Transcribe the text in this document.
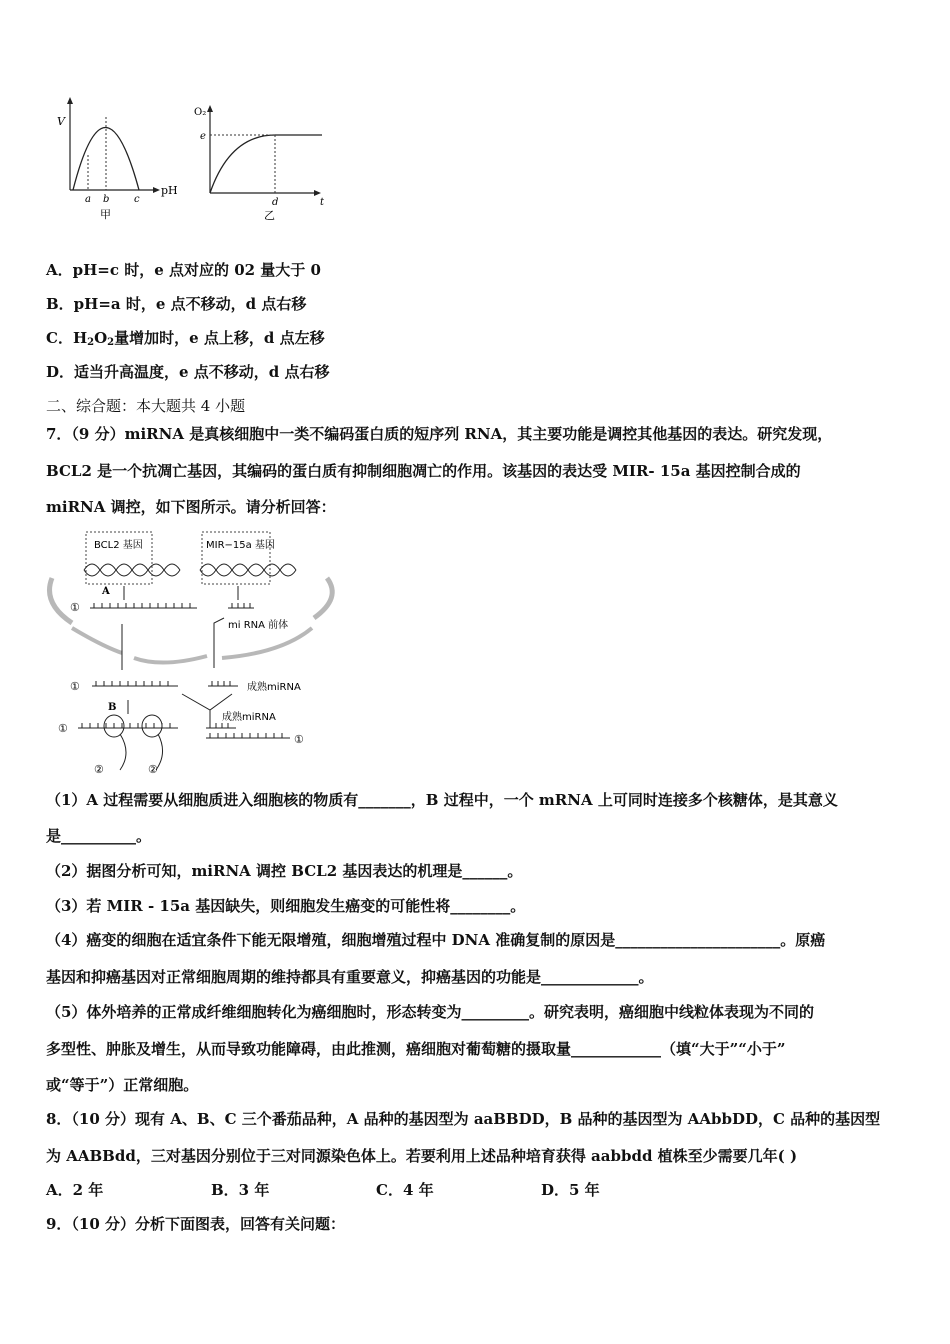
V
pH
a b c
甲
O₂
e
d	t
乙
A．pH=c 时，e 点对应的 02 量大于 0
B．pH=a 时，e 点不移动，d 点右移
C．$H_2O_2$量增加时，e 点上移，d 点左移
D．适当升高温度，e 点不移动，d 点右移
二、综合题：本大题共 4 小题
7．（9 分）miRNA 是真核细胞中一类不编码蛋白质的短序列 RNA，其主要功能是调控其他基因的表达。研究发现，
BCL2 是一个抗凋亡基因，其编码的蛋白质有抑制细胞凋亡的作用。该基因的表达受 MIR- 15a 基因控制合成的
miRNA 调控，如下图所示。请分析回答：
BCL2 基因	MIR−15a 基因
①
A
mi RNA 前体
①	成熟miRNA
成熟miRNA
B
①
②	②
①
（1）A 过程需要从细胞质进入细胞核的物质有_______，B 过程中，一个 mRNA 上可同时连接多个核糖体，是其意义
是__________。
（2）据图分析可知，miRNA 调控 BCL2 基因表达的机理是______。
（3）若 MIR - 15a 基因缺失，则细胞发生癌变的可能性将________。
（4）癌变的细胞在适宜条件下能无限增殖，细胞增殖过程中 DNA 准确复制的原因是______________________。原癌
基因和抑癌基因对正常细胞周期的维持都具有重要意义，抑癌基因的功能是_____________。
（5）体外培养的正常成纤维细胞转化为癌细胞时，形态转变为_________。研究表明，癌细胞中线粒体表现为不同的
多型性、肿胀及增生，从而导致功能障碍，由此推测，癌细胞对葡萄糖的摄取量____________（填“大于”“小于”
或“等于”）正常细胞。
8．（10 分）现有 A、B、C 三个番茄品种，A 品种的基因型为 aaBBDD，B 品种的基因型为 AAbbDD，C 品种的基因型
为 AABBdd，三对基因分别位于三对同源染色体上。若要利用上述品种培育获得 aabbdd 植株至少需要几年( )
A．2 年	B．3 年	C．4 年	D．5 年
9．（10 分）分析下面图表，回答有关问题：
